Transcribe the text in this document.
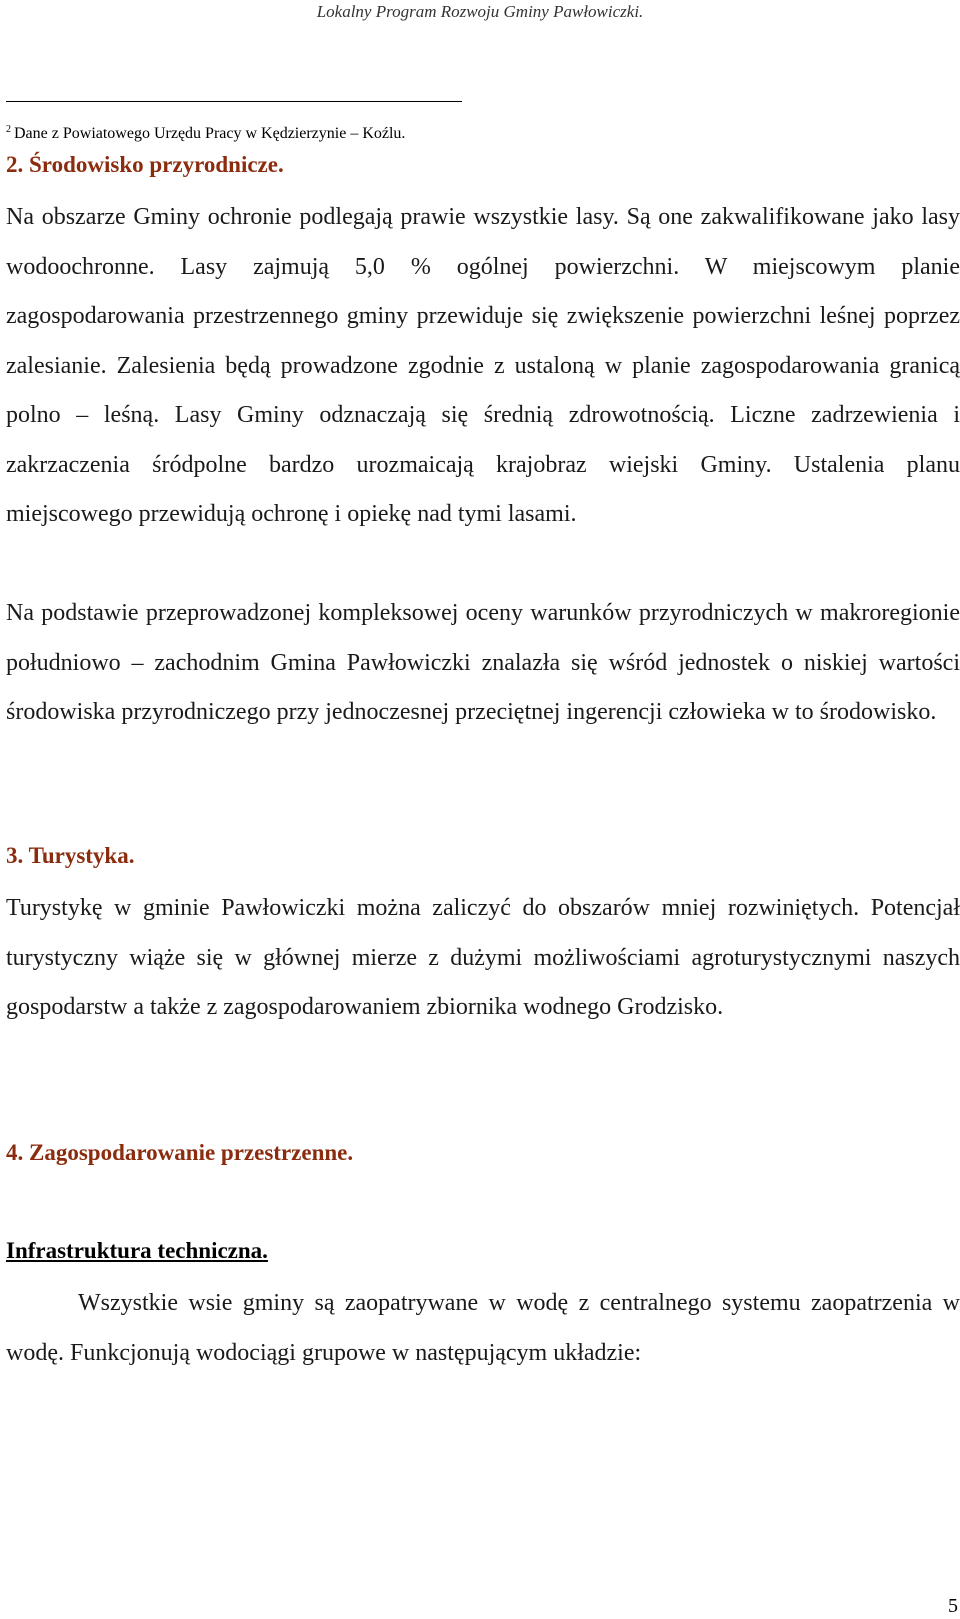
Lokalny Program Rozwoju Gminy Pawłowiczki.
$^2$ Dane z Powiatowego Urzędu Pracy w Kędzierzynie – Koźlu.
2. Środowisko przyrodnicze.
Na obszarze Gminy ochronie podlegają prawie wszystkie lasy. Są one zakwalifikowane jako lasy wodoochronne. Lasy zajmują 5,0 % ogólnej powierzchni. W miejscowym planie zagospodarowania przestrzennego gminy przewiduje się zwiększenie powierzchni leśnej poprzez zalesianie. Zalesienia będą prowadzone zgodnie z ustaloną w planie zagospodarowania granicą polno – leśną. Lasy Gminy odznaczają się średnią zdrowotnością. Liczne zadrzewienia i zakrzaczenia śródpolne bardzo urozmaicają krajobraz wiejski Gminy. Ustalenia planu miejscowego przewidują ochronę i opiekę nad tymi lasami.
Na podstawie przeprowadzonej kompleksowej oceny warunków przyrodniczych w makroregionie południowo – zachodnim Gmina Pawłowiczki znalazła się wśród jednostek o niskiej wartości środowiska przyrodniczego przy jednoczesnej przeciętnej ingerencji człowieka w to środowisko.
3. Turystyka.
Turystykę w gminie Pawłowiczki można zaliczyć do obszarów mniej rozwiniętych. Potencjał turystyczny wiąże się w głównej mierze z dużymi możliwościami agroturystycznymi naszych gospodarstw a także z zagospodarowaniem zbiornika wodnego Grodzisko.
4. Zagospodarowanie przestrzenne.
Infrastruktura techniczna.
Wszystkie wsie gminy są zaopatrywane w wodę z centralnego systemu zaopatrzenia w wodę. Funkcjonują wodociągi grupowe w następującym układzie:
5
